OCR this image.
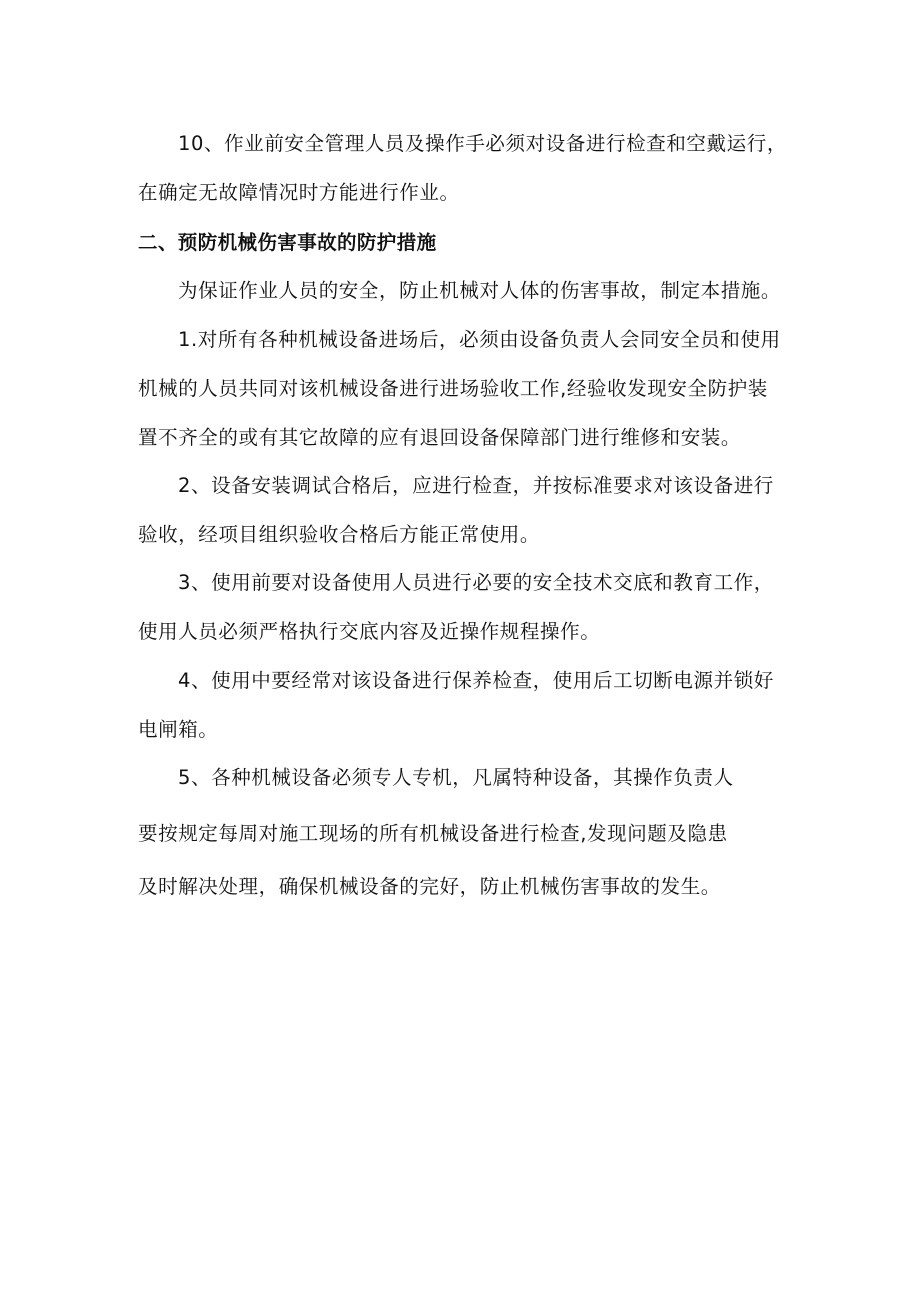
10、作业前安全管理人员及操作手必须对设备进行检查和空戴运行，
在确定无故障情况时方能进行作业。
二、预防机械伤害事故的防护措施
为保证作业人员的安全，防止机械对人体的伤害事故，制定本措施。
1.对所有各种机械设备进场后，必须由设备负责人会同安全员和使用
机械的人员共同对该机械设备进行进场验收工作,经验收发现安全防护装
置不齐全的或有其它故障的应有退回设备保障部门进行维修和安装。
2、设备安装调试合格后，应进行检查，并按标准要求对该设备进行
验收，经项目组织验收合格后方能正常使用。
3、使用前要对设备使用人员进行必要的安全技术交底和教育工作，
使用人员必须严格执行交底内容及近操作规程操作。
4、使用中要经常对该设备进行保养检查，使用后工切断电源并锁好
电闸箱。
5、各种机械设备必须专人专机，凡属特种设备，其操作负责人
要按规定每周对施工现场的所有机械设备进行检查,发现问题及隐患
及时解决处理，确保机械设备的完好，防止机械伤害事故的发生。
